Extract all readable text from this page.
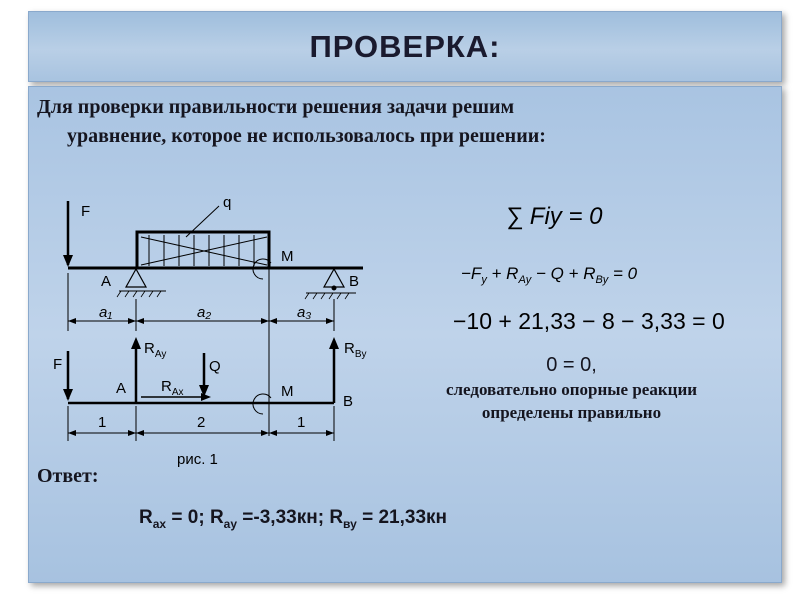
ПРОВЕРКА:
Для проверки правильности решения задачи решим
уравнение, которое не использовалось при решении:
F
q
M
A	B
a₁	a₂	a₃
F
$R_{Ay}$
Q
$R_{Ax}$
A
$R_{By}$
M
B
1	2	1
рис. 1
∑ Fiy = 0
$-F_y + R_{Ay} - Q + R_{By} = 0$
−10 + 21,33 − 8 − 3,33 = 0
0 = 0,
следовательно опорные реакции
определены правильно
Ответ:
$R_{ax} = 0$; $R_{ay} =-3,33кн$; $R_{ву} = 21,33кн$
